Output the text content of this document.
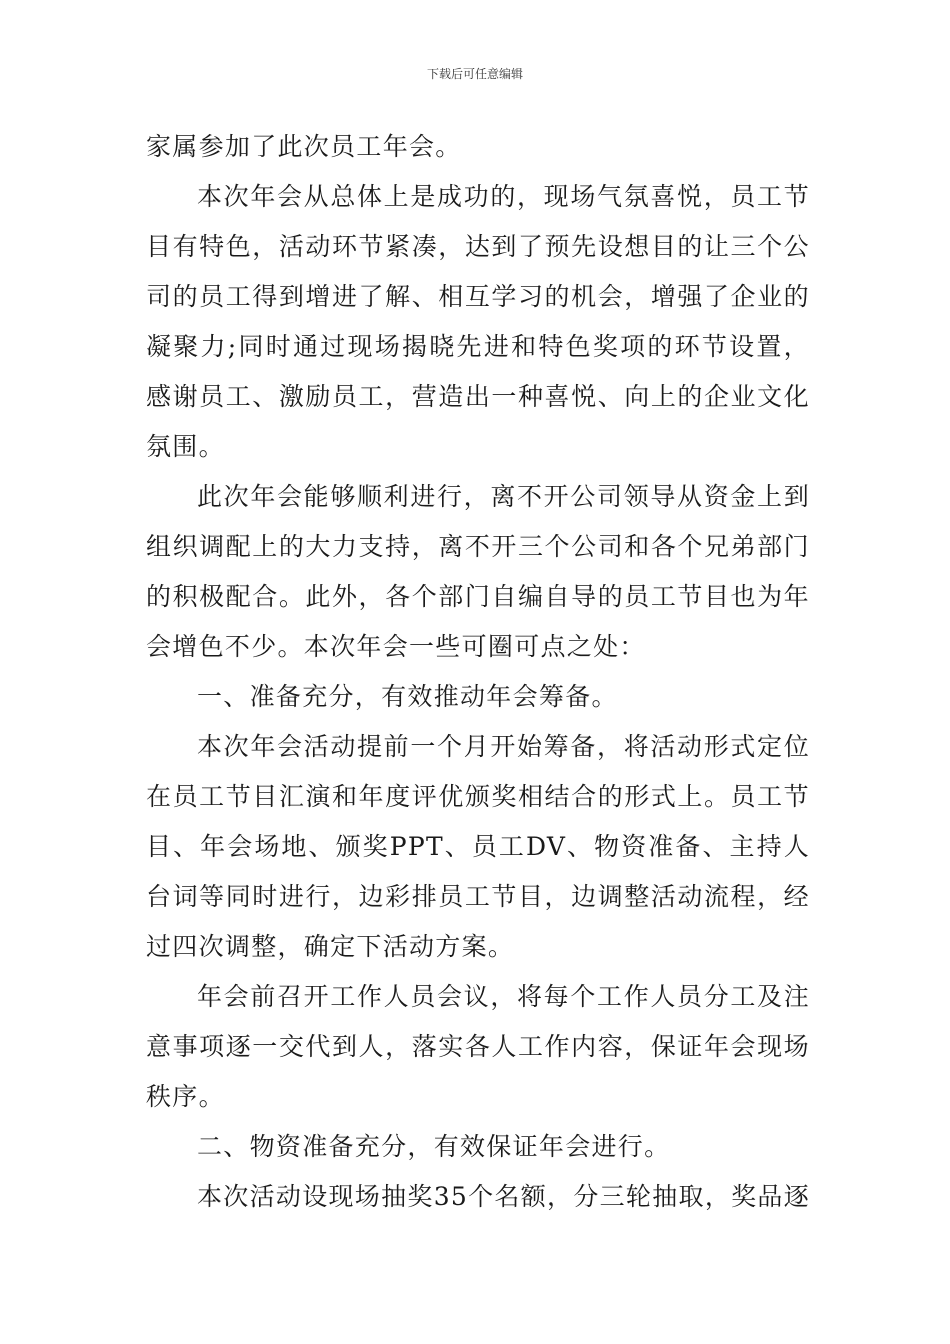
下载后可任意编辑

家属参加了此次员工年会。

本次年会从总体上是成功的，现场气氛喜悦，员工节目有特色，活动环节紧凑，达到了预先设想目的让三个公司的员工得到增进了解、相互学习的机会，增强了企业的凝聚力;同时通过现场揭晓先进和特色奖项的环节设置，感谢员工、激励员工，营造出一种喜悦、向上的企业文化氛围。

此次年会能够顺利进行，离不开公司领导从资金上到组织调配上的大力支持，离不开三个公司和各个兄弟部门的积极配合。此外，各个部门自编自导的员工节目也为年会增色不少。本次年会一些可圈可点之处：

一、准备充分，有效推动年会筹备。

本次年会活动提前一个月开始筹备，将活动形式定位在员工节目汇演和年度评优颁奖相结合的形式上。员工节目、年会场地、颁奖PPT、员工DV、物资准备、主持人台词等同时进行，边彩排员工节目，边调整活动流程，经过四次调整，确定下活动方案。

年会前召开工作人员会议，将每个工作人员分工及注意事项逐一交代到人，落实各人工作内容，保证年会现场秩序。

二、物资准备充分，有效保证年会进行。

本次活动设现场抽奖35个名额，分三轮抽取，奖品逐
